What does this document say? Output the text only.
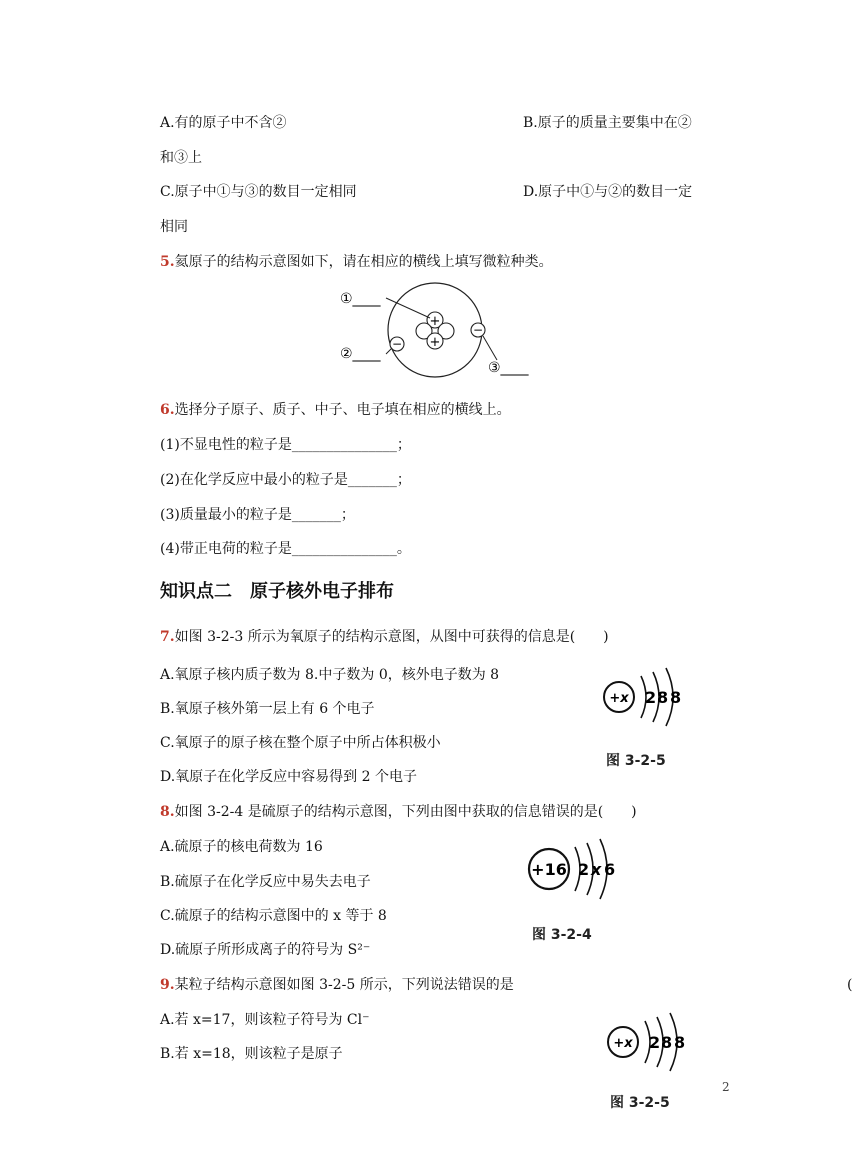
A.有的原子中不含②	B.原子的质量主要集中在②
和③上
C.原子中①与③的数目一定相同	D.原子中①与②的数目一定
相同
5.氦原子的结构示意图如下，请在相应的横线上填写微粒种类。
+
+
−
−
①____
②____
③____
6.选择分子原子、质子、中子、电子填在相应的横线上。
(1)不显电性的粒子是_______________；
(2)在化学反应中最小的粒子是_______；
(3)质量最小的粒子是_______；
(4)带正电荷的粒子是_______________。
知识点二　原子核外电子排布
7.如图 3-2-3 所示为氧原子的结构示意图，从图中可获得的信息是(　　)
A.氧原子核内质子数为 8.中子数为 0，核外电子数为 8
B.氧原子核外第一层上有 6 个电子
C.氧原子的原子核在整个原子中所占体积极小
D.氧原子在化学反应中容易得到 2 个电子
+x 2 8 8
图 3-2-5
8.如图 3-2-4 是硫原子的结构示意图，下列由图中获取的信息错误的是(　　)
A.硫原子的核电荷数为 16
B.硫原子在化学反应中易失去电子
C.硫原子的结构示意图中的 x 等于 8
D.硫原子所形成离子的符号为 S²⁻
+16 2 x 6
图 3-2-4
9.某粒子结构示意图如图 3-2-5 所示，下列说法错误的是	(
A.若 x=17，则该粒子符号为 Cl⁻
B.若 x=18，则该粒子是原子
+x 2 8 8
图 3-2-5
2
